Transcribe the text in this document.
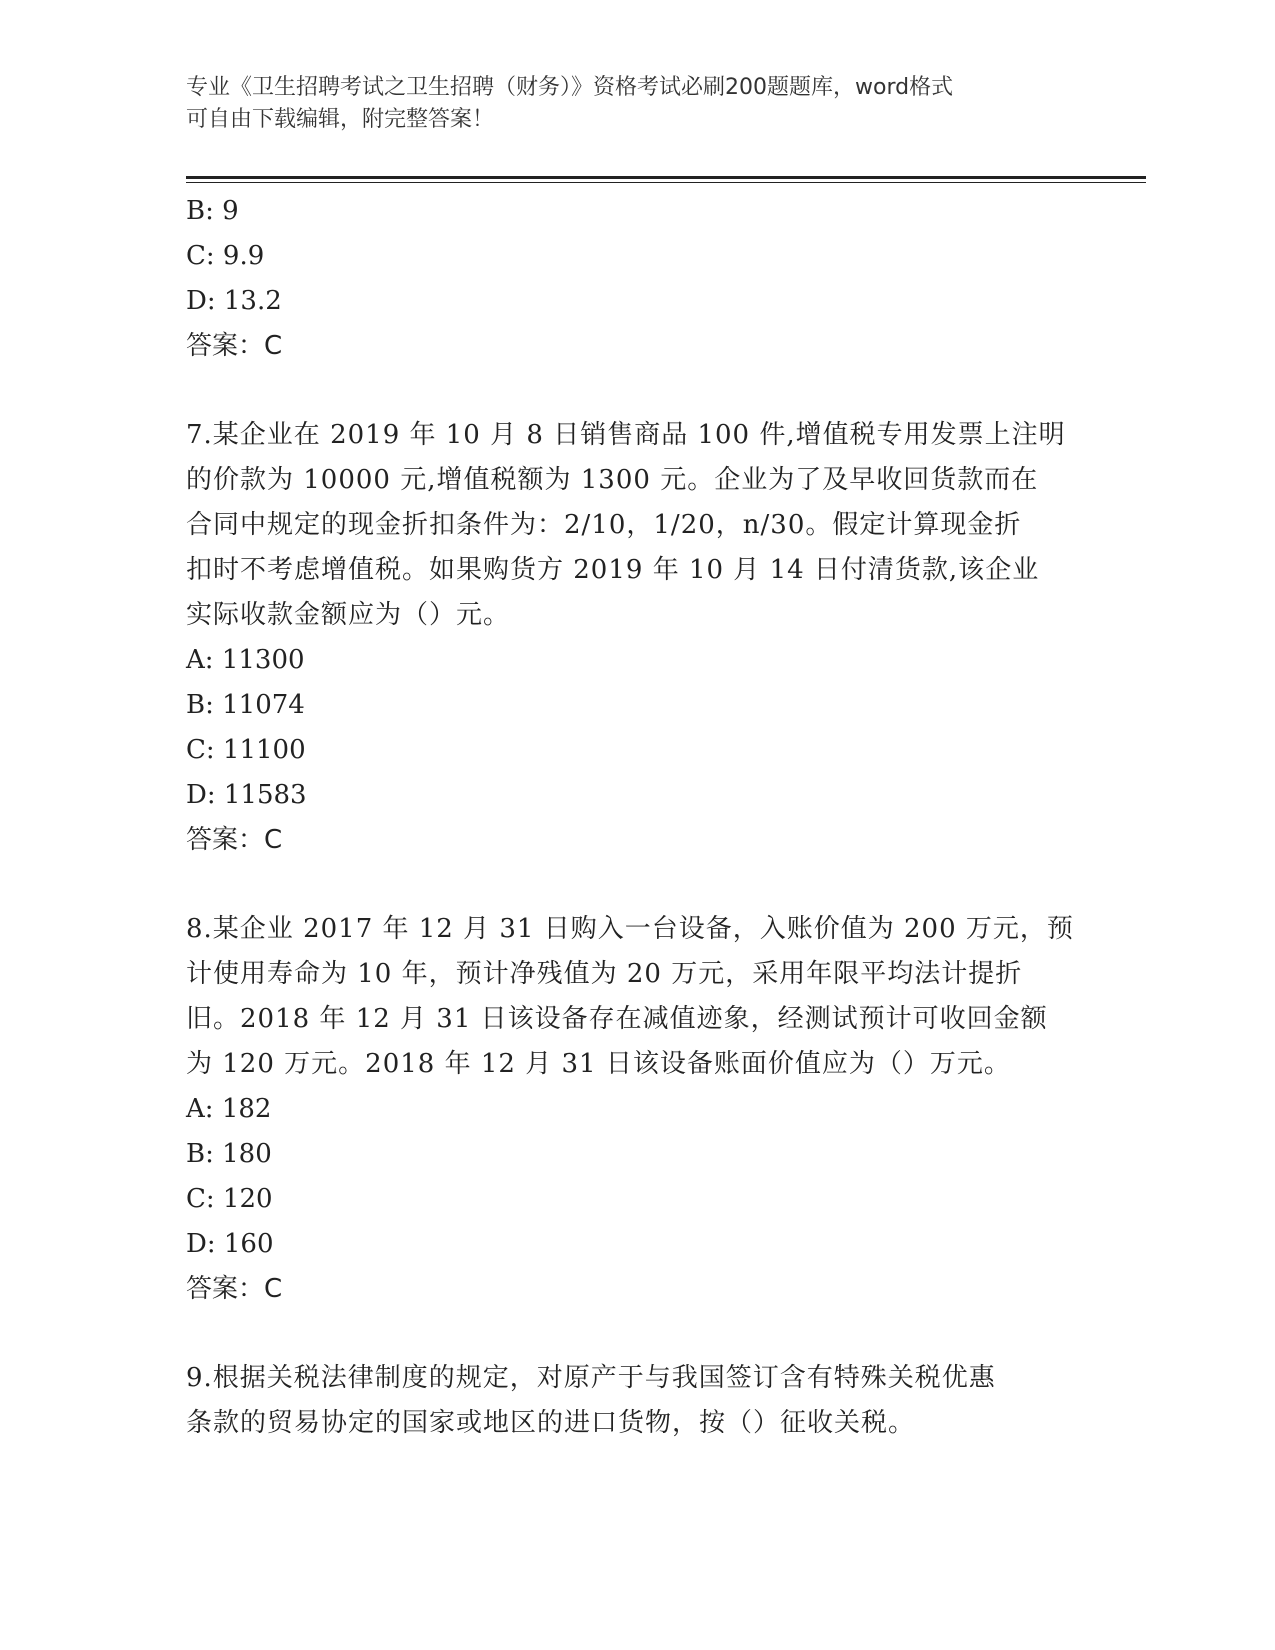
专业《卫生招聘考试之卫生招聘（财务）》资格考试必刷200题题库，word格式
可自由下载编辑，附完整答案！
B: 9
C: 9.9
D: 13.2
答案：C
7.某企业在 2019 年 10 月 8 日销售商品 100 件,增值税专用发票上注明
的价款为 10000 元,增值税额为 1300 元。企业为了及早收回货款而在
合同中规定的现金折扣条件为：2/10，1/20，n/30。假定计算现金折
扣时不考虑增值税。如果购货方 2019 年 10 月 14 日付清货款,该企业
实际收款金额应为（）元。
A: 11300
B: 11074
C: 11100
D: 11583
答案：C
8.某企业 2017 年 12 月 31 日购入一台设备，入账价值为 200 万元，预
计使用寿命为 10 年，预计净残值为 20 万元，采用年限平均法计提折
旧。2018 年 12 月 31 日该设备存在减值迹象，经测试预计可收回金额
为 120 万元。2018 年 12 月 31 日该设备账面价值应为（）万元。
A: 182
B: 180
C: 120
D: 160
答案：C
9.根据关税法律制度的规定，对原产于与我国签订含有特殊关税优惠
条款的贸易协定的国家或地区的进口货物，按（）征收关税。
